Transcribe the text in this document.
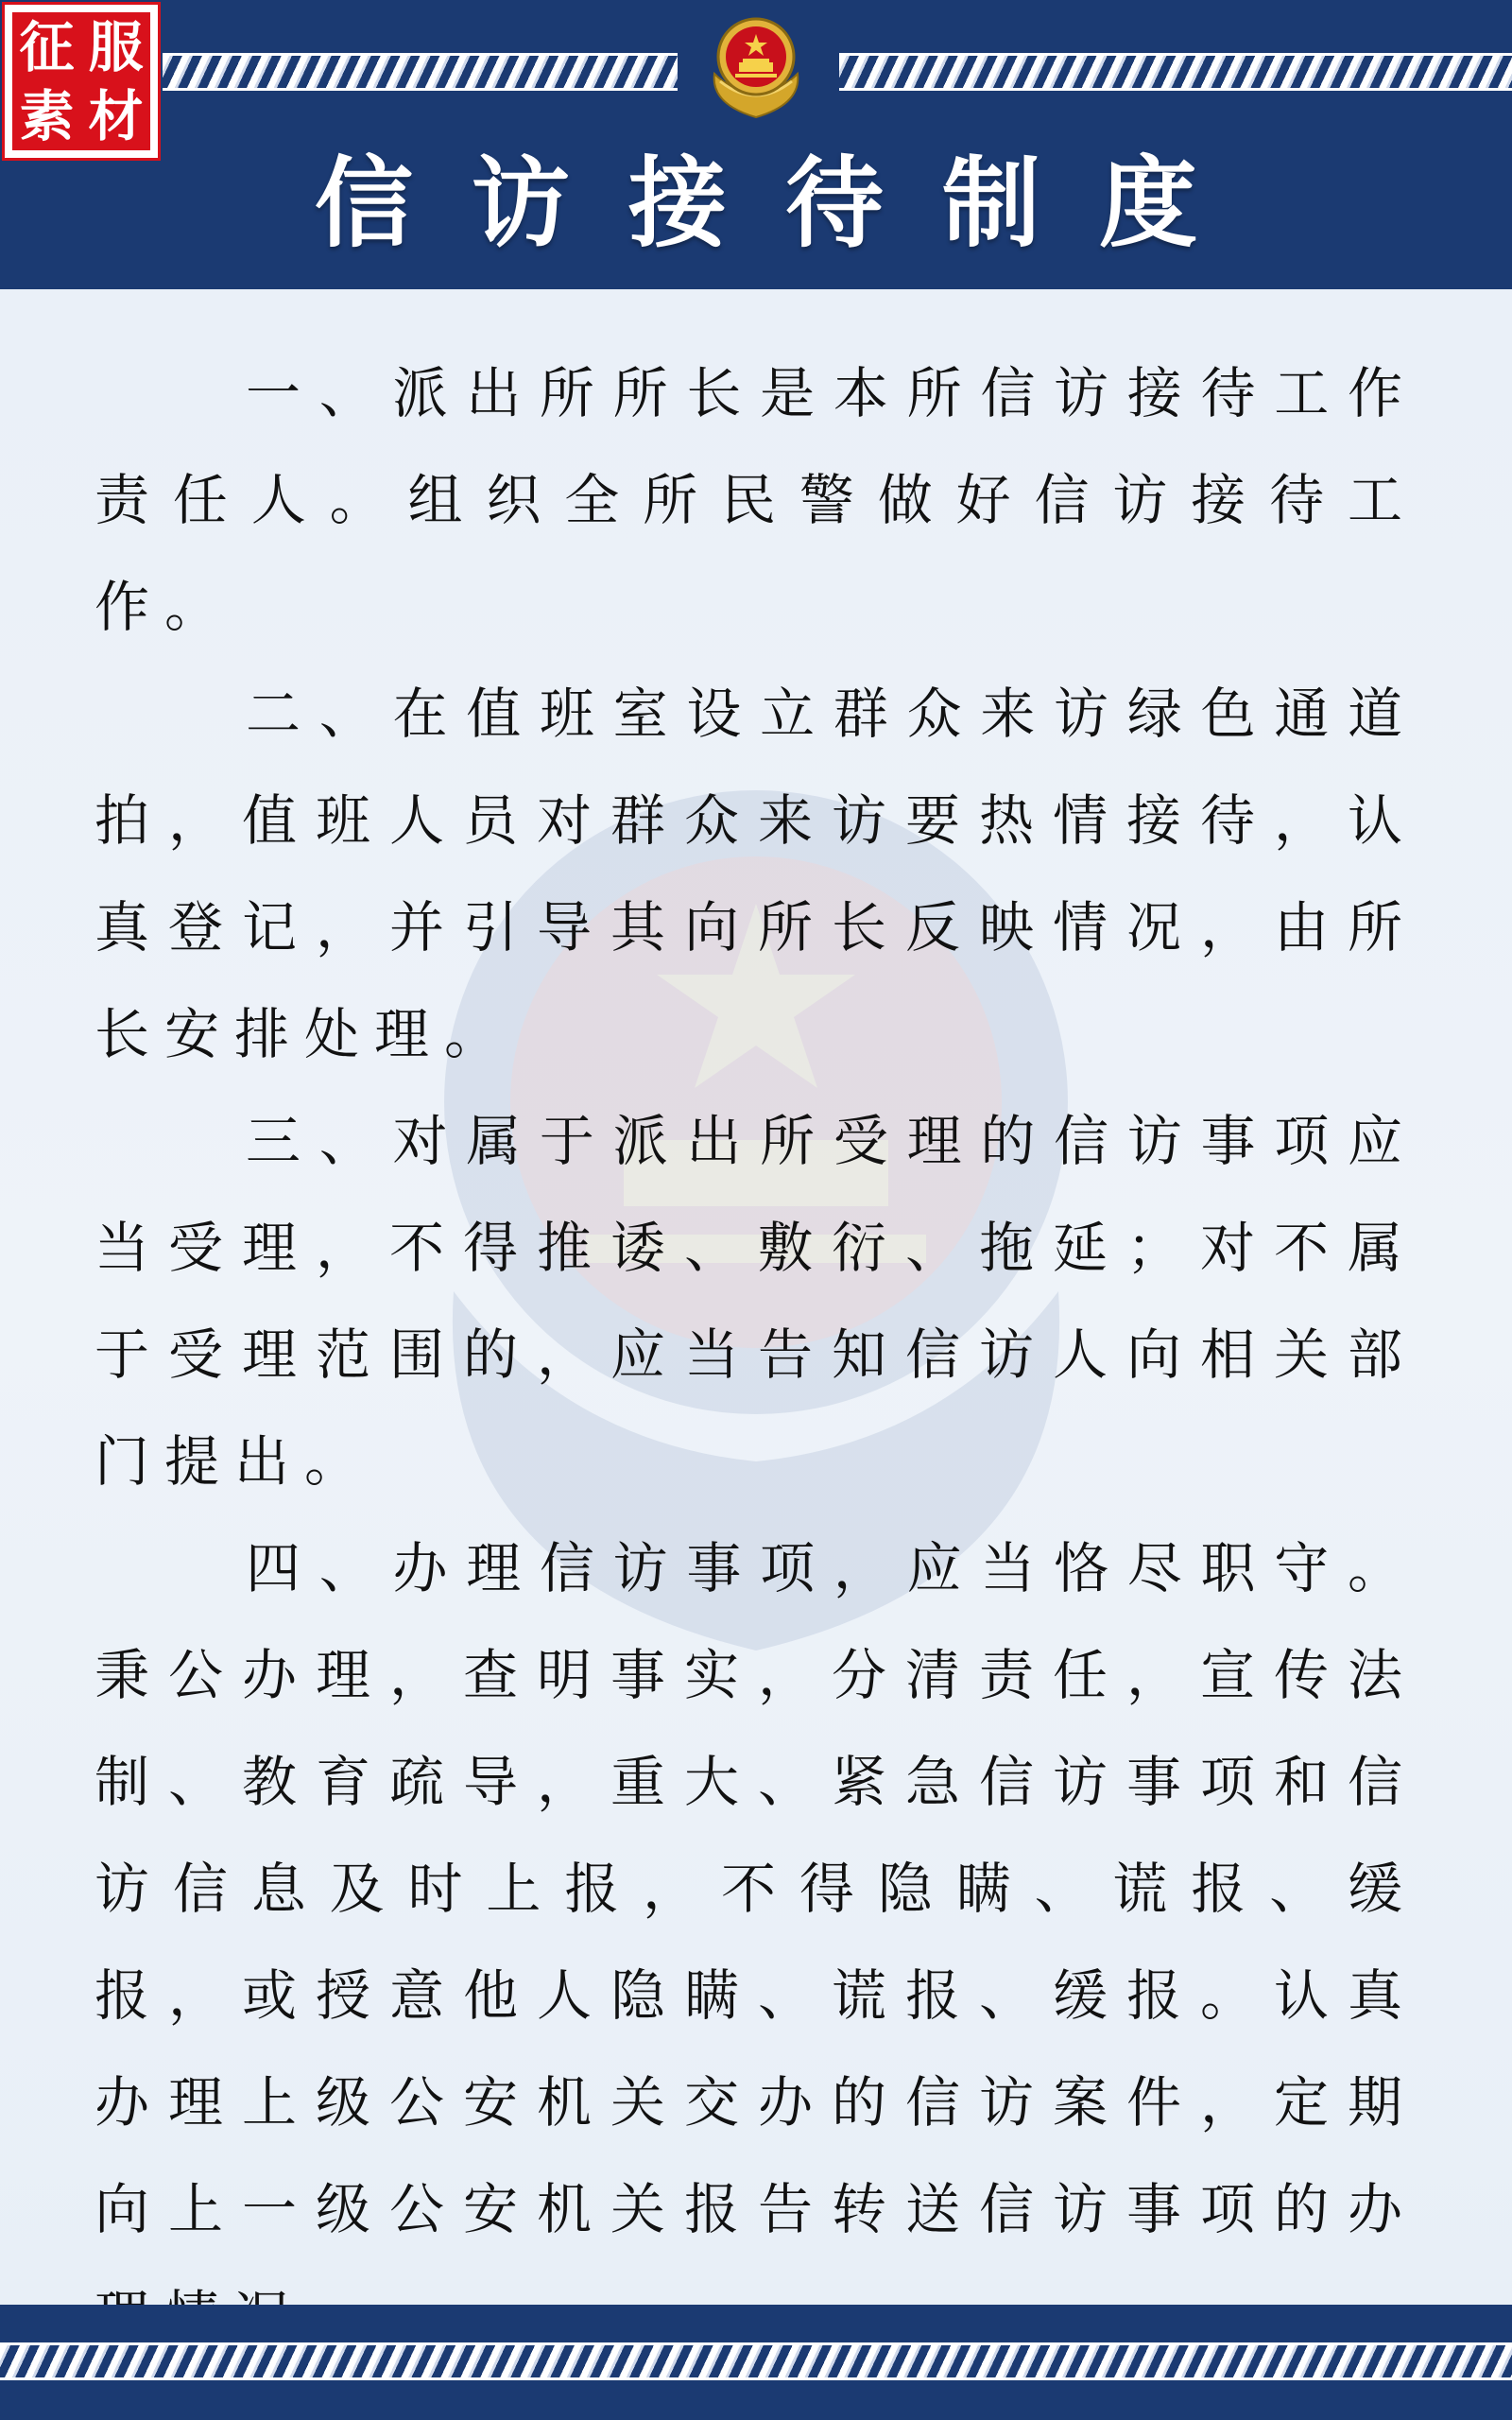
征 服
素 材
信访接待制度

一、派出所所长是本所信访接待工作责任人。组织全所民警做好信访接待工作。

二、在值班室设立群众来访绿色通道拍，值班人员对群众来访要热情接待，认真登记，并引导其向所长反映情况，由所长安排处理。

三、对属于派出所受理的信访事项应当受理，不得推诿、敷衍、拖延；对不属于受理范围的，应当告知信访人向相关部门提出。

四、办理信访事项，应当恪尽职守。秉公办理，查明事实，分清责任，宣传法制、教育疏导，重大、紧急信访事项和信访信息及时上报，不得隐瞒、谎报、缓报，或授意他人隐瞒、谎报、缓报。认真办理上级公安机关交办的信访案件，定期向上一级公安机关报告转送信访事项的办
